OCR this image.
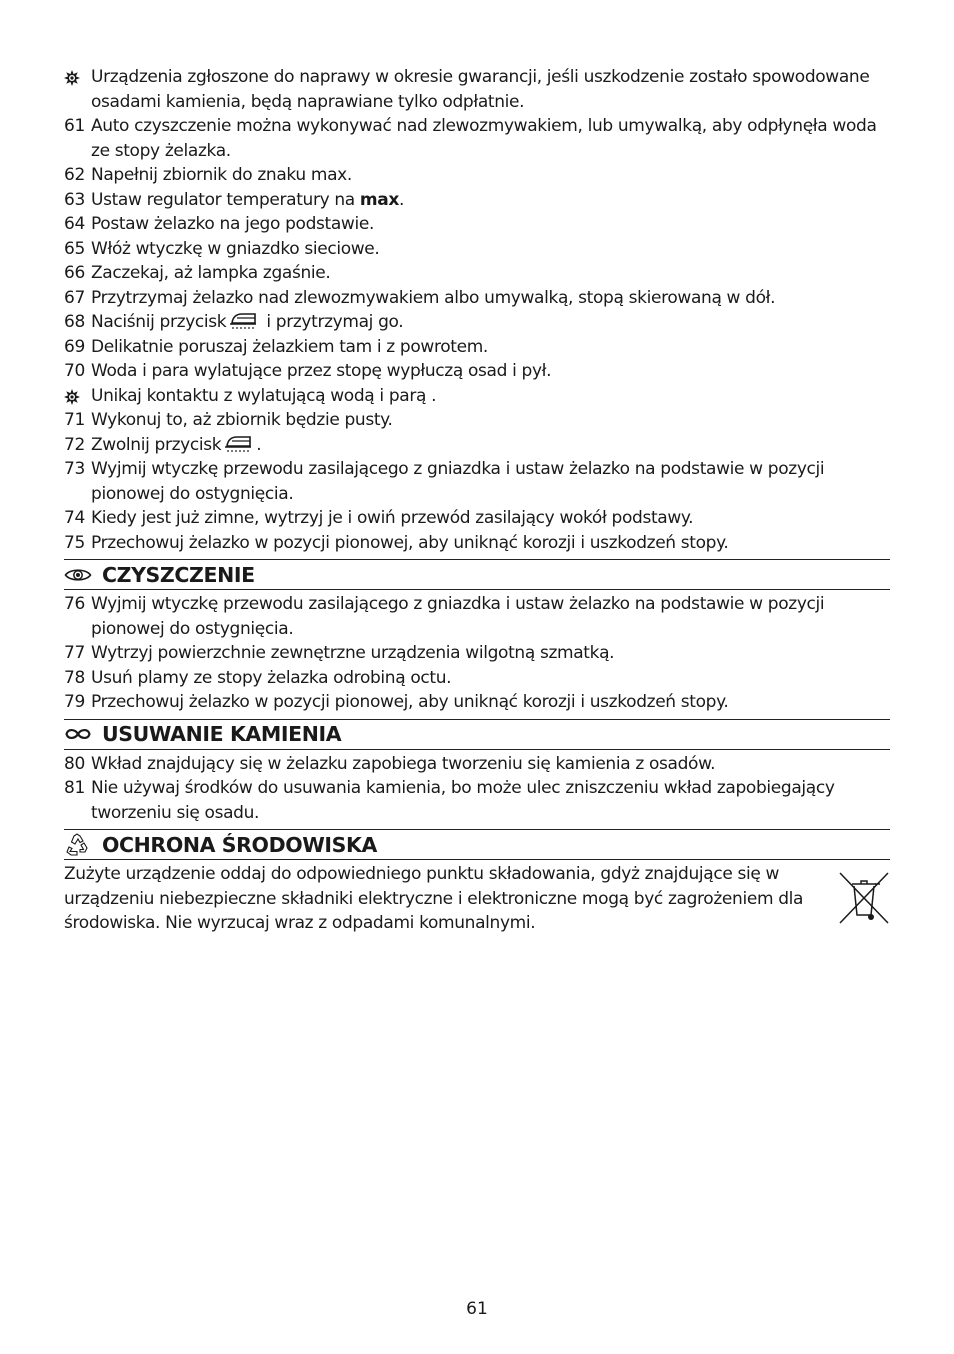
Urządzenia zgłoszone do naprawy w okresie gwarancji, jeśli uszkodzenie zostało spowodowane osadami kamienia, będą naprawiane tylko odpłatnie.
61 Auto czyszczenie można wykonywać nad zlewozmywakiem, lub umywalką, aby odpłynęła woda ze stopy żelazka.
62 Napełnij zbiornik do znaku max.
63 Ustaw regulator temperatury na max.
64 Postaw żelazko na jego podstawie.
65 Włóż wtyczkę w gniazdko sieciowe.
66 Zaczekaj, aż lampka zgaśnie.
67 Przytrzymaj żelazko nad zlewozmywakiem albo umywalką, stopą skierowaną w dół.
68 Naciśnij przycisk i przytrzymaj go.
69 Delikatnie poruszaj żelazkiem tam i z powrotem.
70 Woda i para wylatujące przez stopę wypłuczą osad i pył.
Unikaj kontaktu z wylatującą wodą i parą .
71 Wykonuj to, aż zbiornik będzie pusty.
72 Zwolnij przycisk .
73 Wyjmij wtyczkę przewodu zasilającego z gniazdka i ustaw żelazko na podstawie w pozycji pionowej do ostygnięcia.
74 Kiedy jest już zimne, wytrzyj je i owiń przewód zasilający wokół podstawy.
75 Przechowuj żelazko w pozycji pionowej, aby uniknąć korozji i uszkodzeń stopy.
CZYSZCZENIE
76 Wyjmij wtyczkę przewodu zasilającego z gniazdka i ustaw żelazko na podstawie w pozycji pionowej do ostygnięcia.
77 Wytrzyj powierzchnie zewnętrzne urządzenia wilgotną szmatką.
78 Usuń plamy ze stopy żelazka odrobiną octu.
79 Przechowuj żelazko w pozycji pionowej, aby uniknąć korozji i uszkodzeń stopy.
USUWANIE KAMIENIA
80 Wkład znajdujący się w żelazku zapobiega tworzeniu się kamienia z osadów.
81 Nie używaj środków do usuwania kamienia, bo może ulec zniszczeniu wkład zapobiegający tworzeniu się osadu.
OCHRONA ŚRODOWISKA
Zużyte urządzenie oddaj do odpowiedniego punktu składowania, gdyż znajdujące się w urządzeniu niebezpieczne składniki elektryczne i elektroniczne mogą być zagrożeniem dla środowiska. Nie wyrzucaj wraz z odpadami komunalnymi.
61
